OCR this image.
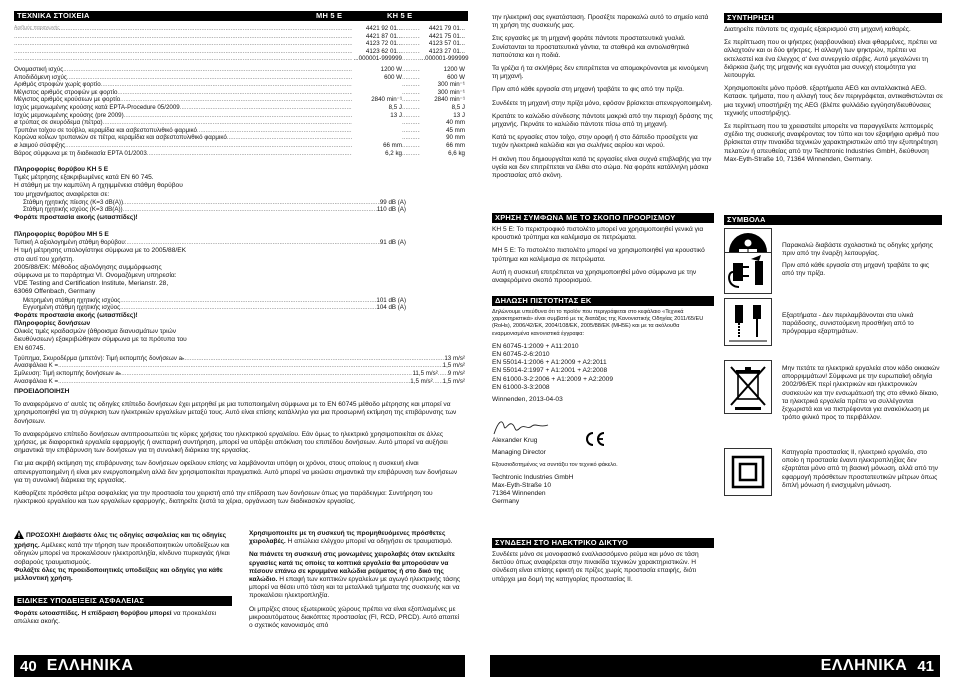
ΤΕΧΝΙΚΑ ΣΤΟΙΧΕΙΑ	MH 5 E	KH 5 E
Αριθμός παραγωγής .....	4421 92 01... .....	4421 79 01...
.....
4421 87 01... .....	4421 75 01...
.....
4123 72 01... .....	4123 57 01...
.....
4123 62 01... .....	4123 27 01...
.....
...000001-999999 .....	...000001-999999
Ονομαστική ισχύς .....	1200 W .....	1200 W
Αποδιδόμενη ισχύς .....	600 W .....	600 W
Αριθμός στροφών χωρίς φορτίο ..... .....	300 min⁻¹
Μέγιστος αριθμός στροφών με φορτίο ..... .....	300 min⁻¹
Μέγιστος αριθμός κρούσεων με φορτίο .....	2840 min⁻¹ .....	2840 min⁻¹
Ισχύς μεμονωμένης κρούσης κατά EPTA-Procedure 05/2009 .....	8,5 J .....	8,5 J
Ισχύς μεμονωμένης κρούσης (pre 2009) .....	13 J .....	13 J
ø τρύπας σε σκυρόδεμα (πέτρα) ..... .....	40 mm
Τρυπάνι τοίχου σε τούβλο, κεραμίδια και ασβεστοπυλιθικό φαρμικό ..... .....	45 mm
Κορώνα κοίλων τρυπανιών σε πέτρα, κεραμίδια και ασβεστοπυλιθικό φαρμικό ..... .....	90 mm
ø λαιμού σύσφιξης .....	66 mm .....	66 mm
Βάρος σύμφωνα με τη διαδικασία EPTA 01/2003 .....	6,2 kg .....	6,6 kg
Πληροφορίες θορύβου ΚΗ 5 E
Τιμές μέτρησης εξακριβωμένες κατά EN 60 745.
Η στάθμη με την καμπύλη A ηχηιμμένεια στάθμη θορύβου
του μηχανήματος αναφέρεται σε:
Στάθμη ηχητικής πίεσης (K=3 dB(A)) .....	99 dB (A)
Στάθμη ηχητικής ισχύος (K=3 dB(A)) .....	110 dB (A)
Φοράτε προστασία ακοής (ωτασπίδες)!
Πληροφορίες θορύβου ΜΗ 5 E
Τυπική A αξιολογημένη στάθμη θορύβου: .....	91 dB (A)
Η τιμή μέτρησης υπολογίστηκε σύμφωνα με το 2005/88/EK
στο αυτί του χρήστη.
2005/88/EK: Μέθοδος αξιολόγησης συμμόρφωσης
σύμφωνα με το παράρτημα VI. Ονομαζόμενη υπηρεσία:
VDE Testing and Certification Institute, Merianstr. 28,
63069 Offenbach, Germany
Μετρημένη στάθμη ηχητικής ισχύος .....	101 dB (A)
Εγγυημένη στάθμη ηχητικής ισχύος .....	104 dB (A)
Φοράτε προστασία ακοής (ωτασπίδες)!
Πληροφορίες δονήσεων
Ολικές τιμές κραδασμών (άθροισμα διανυσμάτων τριών
διευθύνσεων) εξακριβώθηκαν σύμφωνα με τα πρότυπα του
EN 60745.
Τρύπημα, Σκυροδέρμα (μπετόν): Τιμή εκπομπής δονήσεων aₕ .....	13 m/s²
Ανασφάλεια K = .....	1,5 m/s²
Σμίλευση: Τιμή εκπομπής δονήσεων aₕ .....	11,5 m/s² ..... 9 m/s²
Ανασφάλεια K = .....	1,5 m/s² ..... 1,5 m/s²
ΠΡΟΕΙΔΟΠΟΙΗΣΗ

Το αναφερόμενο σ' αυτές τις οδηγίες επίπεδο δονήσεων έχει μετρηθεί με μια τυποποιημένη σύμφωνα με το EN 60745 μέθοδο μέτρησης και μπορεί να χρησιμοποιηθεί για τη σύγκριση των ηλεκτρικών εργαλείων μεταξύ τους. Αυτό είναι επίσης κατάλληλο για μια προσωρινή εκτίμηση της επιβάρυνσης των δονήσεων.

Το αναφερόμενο επίπεδο δονήσεων αντιπροσωπεύει τις κύριες χρήσεις του ηλεκτρικού εργαλείου. Εάν όμως το ηλεκτρικό χρησιμοποιείται σε άλλες χρήσεις, με διαφορετικά εργαλεία εφαρμογής ή ανεπαρκή συντήρηση, μπορεί να υπάρξει απόκλιση του επιπέδου δονήσεων. Αυτό μπορεί να αυξήσει σημαντικά την επιβάρυνση των δονήσεων για τη συνολική διάρκεια της εργασίας.

Για μια ακριβή εκτίμηση της επιβάρυνσης των δονήσεων οφείλουν επίσης να λαμβάνονται υπόψη οι χρόνοι, στους οποίους η συσκευή είναι απενεργοποιημένη ή είναι μεν ενεργοποιημένη αλλά δεν χρησιμοποιείται πραγματικά. Αυτό μπορεί να μειώσει σημαντικά την επιβάρυνση των δονήσεων για τη συνολική διάρκεια της εργασίας.

Καθορίζετε πρόσθετα μέτρα ασφαλείας για την προστασία του χειριστή από την επίδραση των δονήσεων όπως για παράδειγμα: Συντήρηση του ηλεκτρικού εργαλείου και των εργαλείων εφαρμογής, διατηρείτε ζεστά τα χέρια, οργάνωση των διαδικασιών εργασίας.

ΠΡΟΣΟΧΗ! Διαβάστε όλες τις οδηγίες ασφαλείας και τις οδηγίες χρήσης. Αμέλειες κατά την τήρηση των προειδοποιητικών υποδείξεων και οδηγιών μπορεί να προκαλέσουν ηλεκτροπληξία, κίνδυνο πυρκαγιάς ή/και σοβαρούς τραυματισμούς.
Φυλάξτε όλες τις προειδοποιητικές υποδείξεις και οδηγίες για κάθε μελλοντική χρήση.
ΕΙΔΙΚΕΣ ΥΠΟΔΕΙΞΕΙΣ ΑΣΦΑΛΕΙΑΣ
Φοράτε ωτοασπίδες. Η επίδραση θορύβου μπορεί να προκαλέσει απώλεια ακοής.

Χρησιμοποιείτε με τη συσκευή τις προμηθευόμενες πρόσθετες χειρολαβές. Η απώλεια ελέγχου μπορεί να οδηγήσει σε τραυματισμό.

Να πιάνετε τη συσκευή στις μονωμένες χειρολαβές όταν εκτελείτε εργασίες κατά τις οποίες τα κοπτικά εργαλεία θα μπορούσαν να πέσουν επάνω σε κρυμμένα καλώδια ρεύματος ή στο δικό της καλώδιο. Η επαφή των κοπτικών εργαλείων με αγωγό ηλεκτρικής τάσης μπορεί να θέσει υπό τάση και τα μεταλλικά τμήματα της συσκευής και να προκαλέσει ηλεκτροπληξία.

Οι μπρίζες στους εξωτερικούς χώρους πρέπει να είναι εξοπλισμένες με μικροαυτόματους διακόπτες προστασίας (FI, RCD, PRCD). Αυτό απαιτεί ο σχετικός κανονισμός από

40 ΕΛΛΗΝΙΚΑ

την ηλεκτρική σας εγκατάσταση. Προσέξτε παρακαλώ αυτό το σημείο κατά τη χρήση της συσκευής μας.

Στις εργασίες με τη μηχανή φοράτε πάντοτε προστατευτικά γυαλιά. Συνίστανται τα προστατευτικά γάντια, τα σταθερά και αντιολισθητικά παπούτσια και η ποδιά.

Τα γρέζια ή τα σκλήθρες δεν επιτρέπεται να απομακρύνονται με κινούμενη τη μηχανή.

Πριν από κάθε εργασία στη μηχανή τραβάτε το φις από την πρίζα.

Συνδέετε τη μηχανή στην πρίζα μόνο, εφόσον βρίσκεται απενεργοποιημένη.

Κρατάτε το καλώδιο σύνδεσης πάντοτε μακριά από την περιοχή δράσης της μηχανής. Περνάτε το καλώδιο πάντοτε πίσω από τη μηχανή.

Κατά τις εργασίες στον τοίχο, στην οροφή ή στο δάπεδο προσέχετε για τυχόν ηλεκτρικά καλώδια και για σωλήνες αερίου και νερού.

Η σκόνη που δημιουργείται κατά τις εργασίες είναι συχνά επιβλαβής για την υγεία και δεν επιτρέπεται να έλθει στο σώμα. Να φοράτε κατάλληλη μάσκα προστασίας από σκόνη.

ΧΡΗΣΗ ΣΥΜΦΩΝΑ ΜΕ ΤΟ ΣΚΟΠΟ ΠΡΟΟΡΙΣΜΟΥ

ΚΗ 5 E: Το περιστροφικό πιστολέτο μπορεί να χρησιμοποιηθεί γενικά για κρουστικό τρύπημα και καλέμισμα σε πετρώματα.

ΜΗ 5 E: Το πιστολέτο πιστολέτο μπορεί να χρησιμοποιηθεί για κρουστικό τρύπημα και καλέμισμα σε πετρώματα.

Αυτή η συσκευή επιτρέπεται να χρησιμοποιηθεί μόνο σύμφωνα με την αναφερόμενο σκοπό προορισμού.

ΔΗΛΩΣΗ ΠΙΣΤΟΤΗΤΑΣ ΕΚ

Δηλώνουμε υπεύθυνα ότι το προϊόν που περιγράφεται στο κεφάλαιο «Τεχνικά χαρακτηριστικά» είναι συμβατό με τις διατάξεις της Κανονιστικής Οδηγίας 2011/65/EU (RoHs), 2006/42/EK, 2004/108/EK, 2005/88/EK (ΜΗ5E) και με τα ακόλουθα εναρμονισμένα κανονιστικά έγγραφα:

EN 60745-1:2009 + A11:2010
EN 60745-2-6:2010
EN 55014-1:2006 + A1:2009 + A2:2011
EN 55014-2:1997 + A1:2001 + A2:2008
EN 61000-3-2:2006 + A1:2009 + A2:2009
EN 61000-3-3:2008
Winnenden, 2013-04-03
Alexander Krug
Managing Director
Εξουσιοδοτημένος να συντάξει τον τεχνικό φάκελο.
Techtronic Industries GmbH
Max-Eyth-Straße 10
71364 Winnenden
Germany
ΣΥΝΔΕΣΗ ΣΤΟ ΗΛΕΚΤΡΙΚΟ ΔΙΚΤΥΟ
Συνδέετε μόνο σε μονοφασικό εναλλασσόμενο ρεύμα και μόνο σε τάση δικτύου όπως αναφέρεται στην πινακίδα τεχνικών χαρακτηριστικών. Η σύνδεση είναι επίσης εφικτή σε πρίζες χωρίς προστασία επαφής, διότι υπάρχει μια δομή της κατηγορίας προστασίας II.
ΣΥΝΤΗΡΗΣΗ

Διατηρείτε πάντοτε τις σχισμές εξαερισμού στη μηχανή καθαρές.

Σε περίπτωση που οι ψήκτρες (καρβουνάκια) είναι φθαρμένες, πρέπει να αλλαχτούν και οι δύο ψήκτρες. Η αλλαγή των ψηκτρών, πρέπει να εκτελεστεί και ένα έλεγχος σ' ένα συνεργείο σέρβις. Αυτό μεγαλώνει τη διάρκεια ζωής της μηχανής και εγγυάται μια συνεχή ετοιμότητα για λειτουργία.

Χρησιμοποιείτε μόνο πρόσθ. εξαρτήματα AEG και ανταλλακτικά AEG. Κατασκ. τμήματα, που η αλλαγή τους δεν περιγράφεται, αντικαθιστώνται σε μια τεχνική υποστήριξη της AEG (βλέπε φυλλάδιο εγγύηση/διευθύνσεις τεχνικής υποστήριξης).

Σε περίπτωση που τα χρειαστείτε μπορείτε να παραγγείλετε λεπτομερές σχέδιο της συσκευής αναφέροντας τον τύπο και τον εξαψήφιο αριθμό που βρίσκεται στην πινακίδα τεχνικών χαρακτηριστικών από την εξυπηρέτηση πελατών ή απευθείας από την Techtronic Industries GmbH, διεύθυνση Max-Eyth-Straße 10, 71364 Winnenden, Germany.

ΣΥΜΒΟΛΑ
Παρακαλώ διαβάστε σχολαστικά τις οδηγίες χρήσης πριν από την έναρξη λειτουργίας.
Πριν από κάθε εργασία στη μηχανή τραβάτε το φις από την πρίζα.
Εξαρτήματα - Δεν περιλαμβάνονται στα υλικά παράδοσης, συνιστούμενη προσθήκη από το πρόγραμμα εξαρτημάτων.
Μην πετάτε τα ηλεκτρικά εργαλεία στον κάδο οικιακών απορριμμάτων! Σύμφωνα με την ευρωπαϊκή οδηγία 2002/96/ΕΚ περί ηλεκτρικών και ηλεκτρονικών συσκευών και την ενσωμάτωσή της στο εθνικό δίκαιο, τα ηλεκτρικά εργαλεία πρέπει να συλλέγονται ξεχωριστά και να πιστρέφονται για ανακύκλωση με τρόπο φιλικό προς το περιβάλλον.
Κατηγορία προστασίας II, ηλεκτρικό εργαλείο, στο οποίο η προστασία έναντι ηλεκτροπληξίας δεν εξαρτάται μόνο από τη βασική μόνωση, αλλά από την εφαρμογή πρόσθετων προστατευτικών μέτρων όπως διπλή μόνωση ή ενισχυμένη μόνωση.
ΕΛΛΗΝΙΚΑ 41
